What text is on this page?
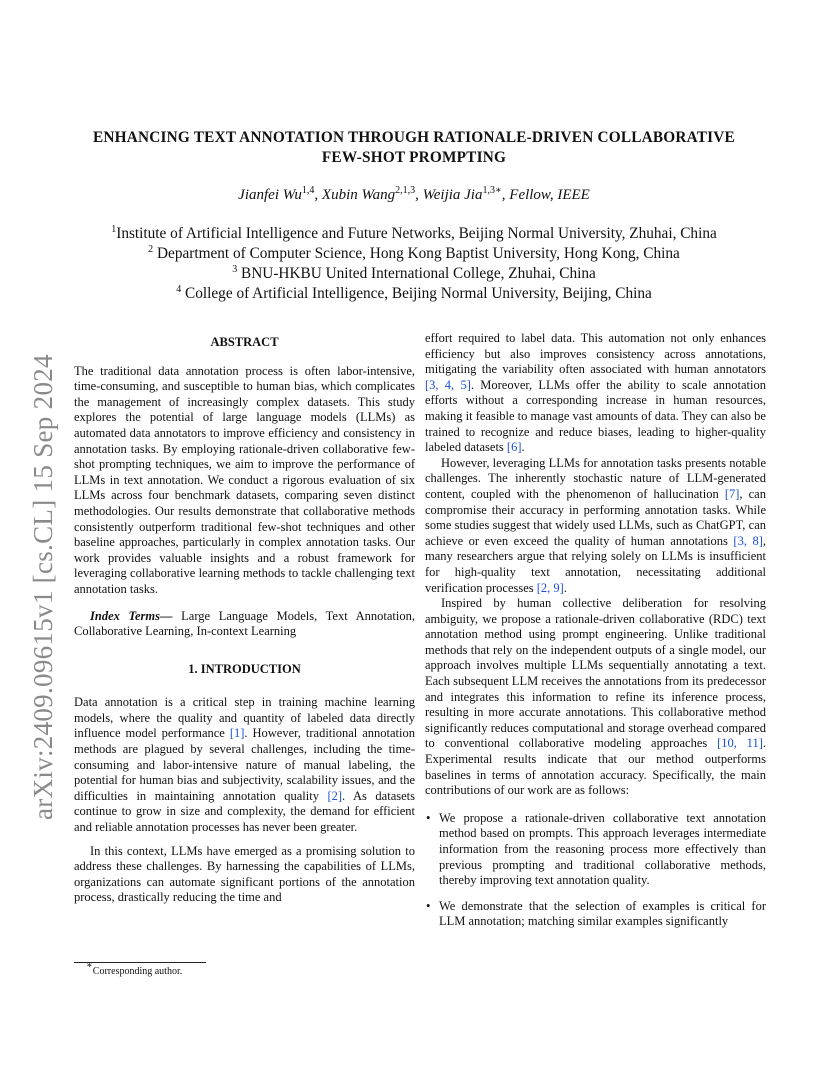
arXiv:2409.09615v1 [cs.CL] 15 Sep 2024
ENHANCING TEXT ANNOTATION THROUGH RATIONALE-DRIVEN COLLABORATIVE
FEW-SHOT PROMPTING
Jianfei Wu$^{1,4}$, Xubin Wang$^{2,1,3}$, Weijia Jia$^{1,3∗}$, Fellow, IEEE
$^1$Institute of Artificial Intelligence and Future Networks, Beijing Normal University, Zhuhai, China
$^2$ Department of Computer Science, Hong Kong Baptist University, Hong Kong, China
$^3$ BNU-HKBU United International College, Zhuhai, China
$^4$ College of Artificial Intelligence, Beijing Normal University, Beijing, China
ABSTRACT

The traditional data annotation process is often labor-intensive, time-consuming, and susceptible to human bias, which complicates the management of increasingly complex datasets. This study explores the potential of large language models (LLMs) as automated data annotators to improve efficiency and consistency in annotation tasks. By employing rationale-driven collaborative few-shot prompting techniques, we aim to improve the performance of LLMs in text annotation. We conduct a rigorous evaluation of six LLMs across four benchmark datasets, comparing seven distinct methodologies. Our results demonstrate that collaborative methods consistently outperform traditional few-shot techniques and other baseline approaches, particularly in complex annotation tasks. Our work provides valuable insights and a robust framework for leveraging collaborative learning methods to tackle challenging text annotation tasks.

Index Terms— Large Language Models, Text Annotation, Collaborative Learning, In-context Learning

1. INTRODUCTION

Data annotation is a critical step in training machine learning models, where the quality and quantity of labeled data directly influence model performance [1]. However, traditional annotation methods are plagued by several challenges, including the time-consuming and labor-intensive nature of manual labeling, the potential for human bias and subjectivity, scalability issues, and the difficulties in maintaining annotation quality [2]. As datasets continue to grow in size and complexity, the demand for efficient and reliable annotation processes has never been greater.

In this context, LLMs have emerged as a promising solution to address these challenges. By harnessing the capabilities of LLMs, organizations can automate significant portions of the annotation process, drastically reducing the time and

effort required to label data. This automation not only enhances efficiency but also improves consistency across annotations, mitigating the variability often associated with human annotators [3, 4, 5]. Moreover, LLMs offer the ability to scale annotation efforts without a corresponding increase in human resources, making it feasible to manage vast amounts of data. They can also be trained to recognize and reduce biases, leading to higher-quality labeled datasets [6].

However, leveraging LLMs for annotation tasks presents notable challenges. The inherently stochastic nature of LLM-generated content, coupled with the phenomenon of hallucination [7], can compromise their accuracy in performing annotation tasks. While some studies suggest that widely used LLMs, such as ChatGPT, can achieve or even exceed the quality of human annotations [3, 8], many researchers argue that relying solely on LLMs is insufficient for high-quality text annotation, necessitating additional verification processes [2, 9].

Inspired by human collective deliberation for resolving ambiguity, we propose a rationale-driven collaborative (RDC) text annotation method using prompt engineering. Unlike traditional methods that rely on the independent outputs of a single model, our approach involves multiple LLMs sequentially annotating a text. Each subsequent LLM receives the annotations from its predecessor and integrates this information to refine its inference process, resulting in more accurate annotations. This collaborative method significantly reduces computational and storage overhead compared to conventional collaborative modeling approaches [10, 11]. Experimental results indicate that our method outperforms baselines in terms of annotation accuracy. Specifically, the main contributions of our work are as follows:

• We propose a rationale-driven collaborative text annotation method based on prompts. This approach leverages intermediate information from the reasoning process more effectively than previous prompting and traditional collaborative methods, thereby improving text annotation quality.
• We demonstrate that the selection of examples is critical for LLM annotation; matching similar examples significantly
∗Corresponding author.
